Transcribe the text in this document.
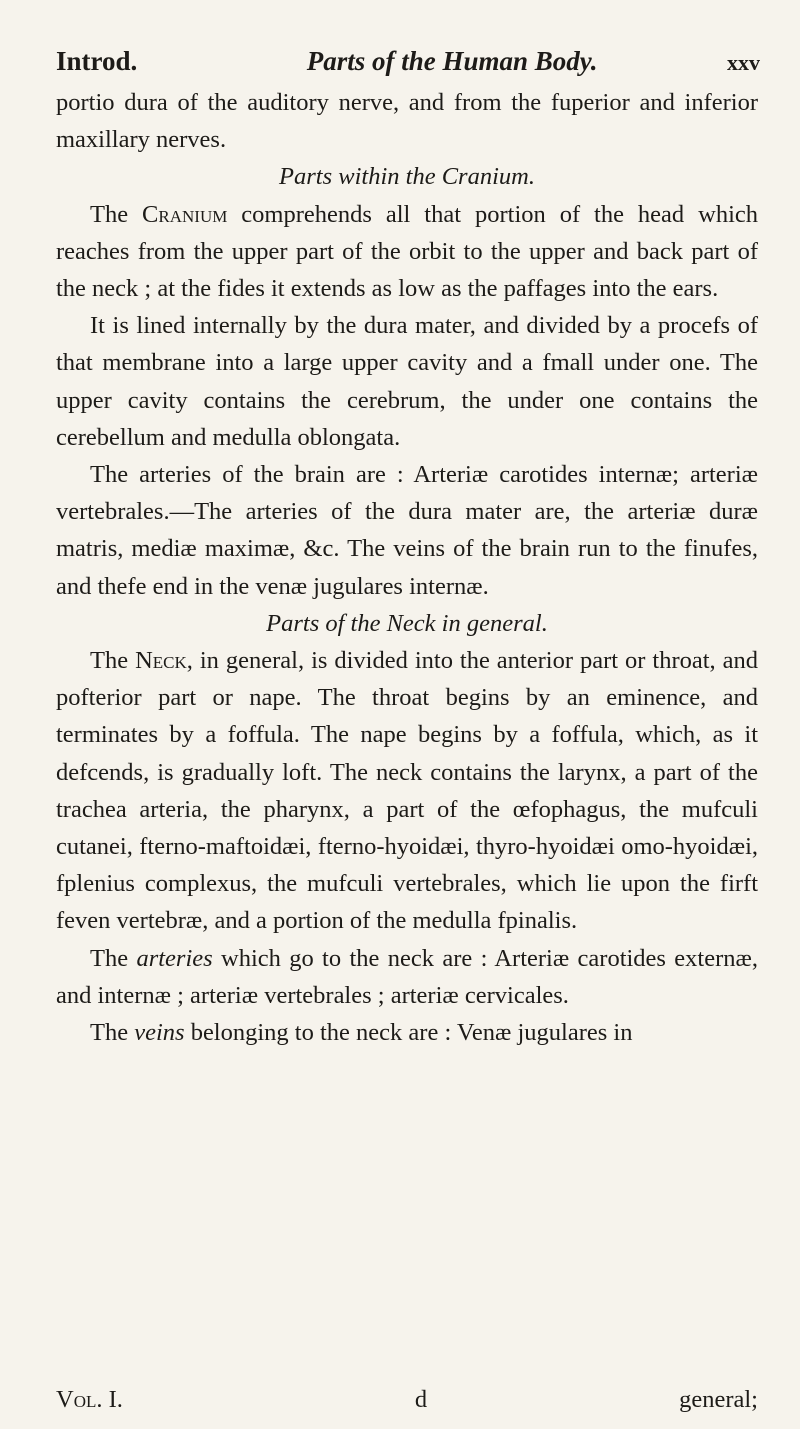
Introd.	Parts of the Human Body.	xxv

portio dura of the auditory nerve, and from the fuperior and inferior maxillary nerves.

Parts within the Cranium.

The Cranium comprehends all that portion of the head which reaches from the upper part of the orbit to the upper and back part of the neck ; at the fides it extends as low as the paffages into the ears.

It is lined internally by the dura mater, and divided by a procefs of that membrane into a large upper cavity and a fmall under one. The upper cavity contains the cerebrum, the under one contains the cerebellum and medulla oblongata.

The arteries of the brain are : Arteriæ carotides internæ; arteriæ vertebrales.—The arteries of the dura mater are, the arteriæ duræ matris, mediæ maximæ, &c. The veins of the brain run to the finufes, and thefe end in the venæ jugulares internæ.

Parts of the Neck in general.

The Neck, in general, is divided into the anterior part or throat, and pofterior part or nape. The throat begins by an eminence, and terminates by a foffula. The nape begins by a foffula, which, as it defcends, is gradually loft. The neck contains the larynx, a part of the trachea arteria, the pharynx, a part of the œfophagus, the mufculi cutanei, fterno-maftoidæi, fterno-hyoidæi, thyro-hyoidæi omo-hyoidæi, fplenius complexus, the mufculi vertebrales, which lie upon the firft feven vertebræ, and a portion of the medulla fpinalis.

The arteries which go to the neck are : Arteriæ carotides externæ, and internæ ; arteriæ vertebrales ; arteriæ cervicales.

The veins belonging to the neck are : Venæ jugulares in

Vol. I.	d	general;
